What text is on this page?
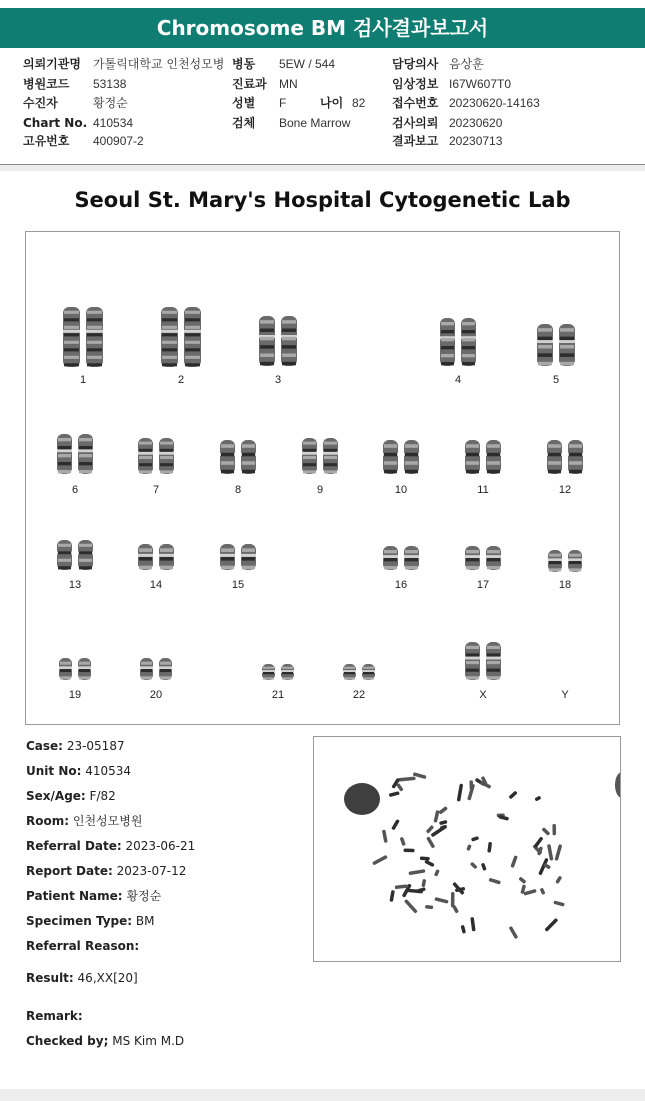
Chromosome BM 검사결과보고서
의뢰기관명 가톨릭대학교 인천성모병 병동 5EW / 544	담당의사 음상훈
병원코드 53138	진료과 MN	임상정보 I67W607T0
수진자	황정순	성별 F	나이 82 접수번호 20230620-14163
Chart No. 410534	검체 Bone Marrow	검사의뢰 20230620
고유번호 400907-2	결과보고 20230713
Seoul St. Mary's Hospital Cytogenetic Lab
1	2	3	4	5
6	7	8	9	10	11	12
13	14	15	16	17	18
19	20	21	22	X	Y
Case: 23-05187
Unit No: 410534
Sex/Age: F/82
Room: 인천성모병원
Referral Date: 2023-06-21
Report Date: 2023-07-12
Patient Name: 황정순
Specimen Type: BM
Referral Reason:
Result: 46,XX[20]
Remark:
Checked by; MS Kim M.D
